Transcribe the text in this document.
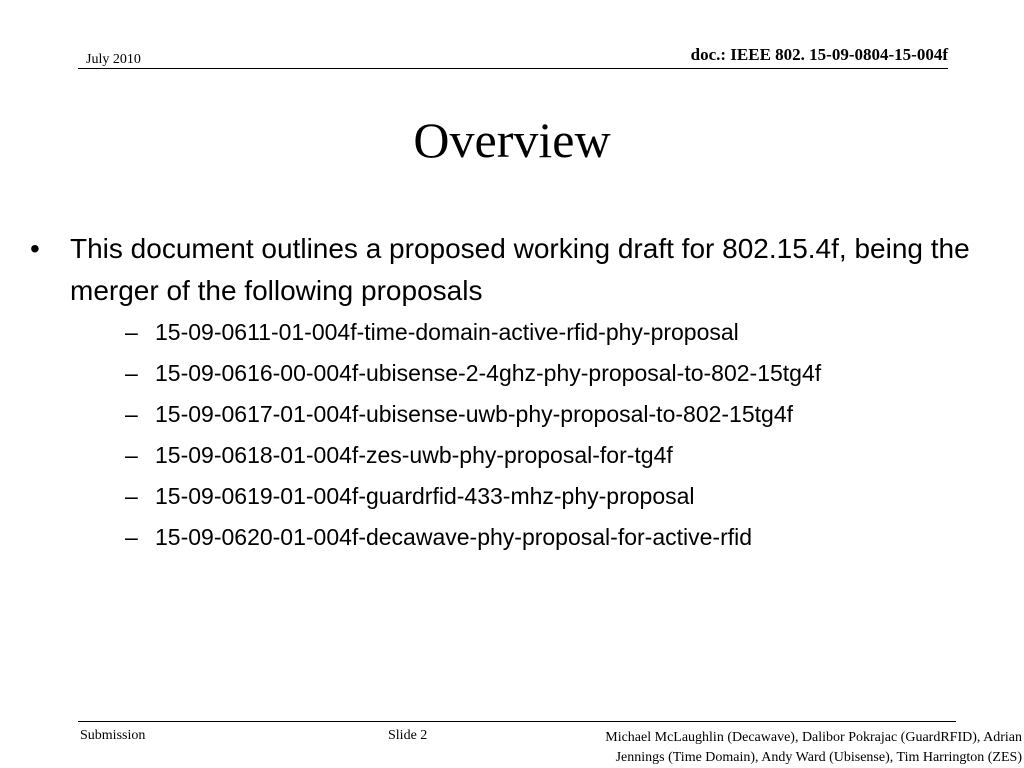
July 2010	doc.: IEEE 802. 15-09-0804-15-004f
Overview
• This document outlines a proposed working draft for 802.15.4f, being the merger of the following proposals
– 15-09-0611-01-004f-time-domain-active-rfid-phy-proposal
– 15-09-0616-00-004f-ubisense-2-4ghz-phy-proposal-to-802-15tg4f
– 15-09-0617-01-004f-ubisense-uwb-phy-proposal-to-802-15tg4f
– 15-09-0618-01-004f-zes-uwb-phy-proposal-for-tg4f
– 15-09-0619-01-004f-guardrfid-433-mhz-phy-proposal
– 15-09-0620-01-004f-decawave-phy-proposal-for-active-rfid
Submission	Slide 2	Michael McLaughlin (Decawave), Dalibor Pokrajac (GuardRFID), Adrian
Jennings (Time Domain), Andy Ward (Ubisense), Tim Harrington (ZES)
